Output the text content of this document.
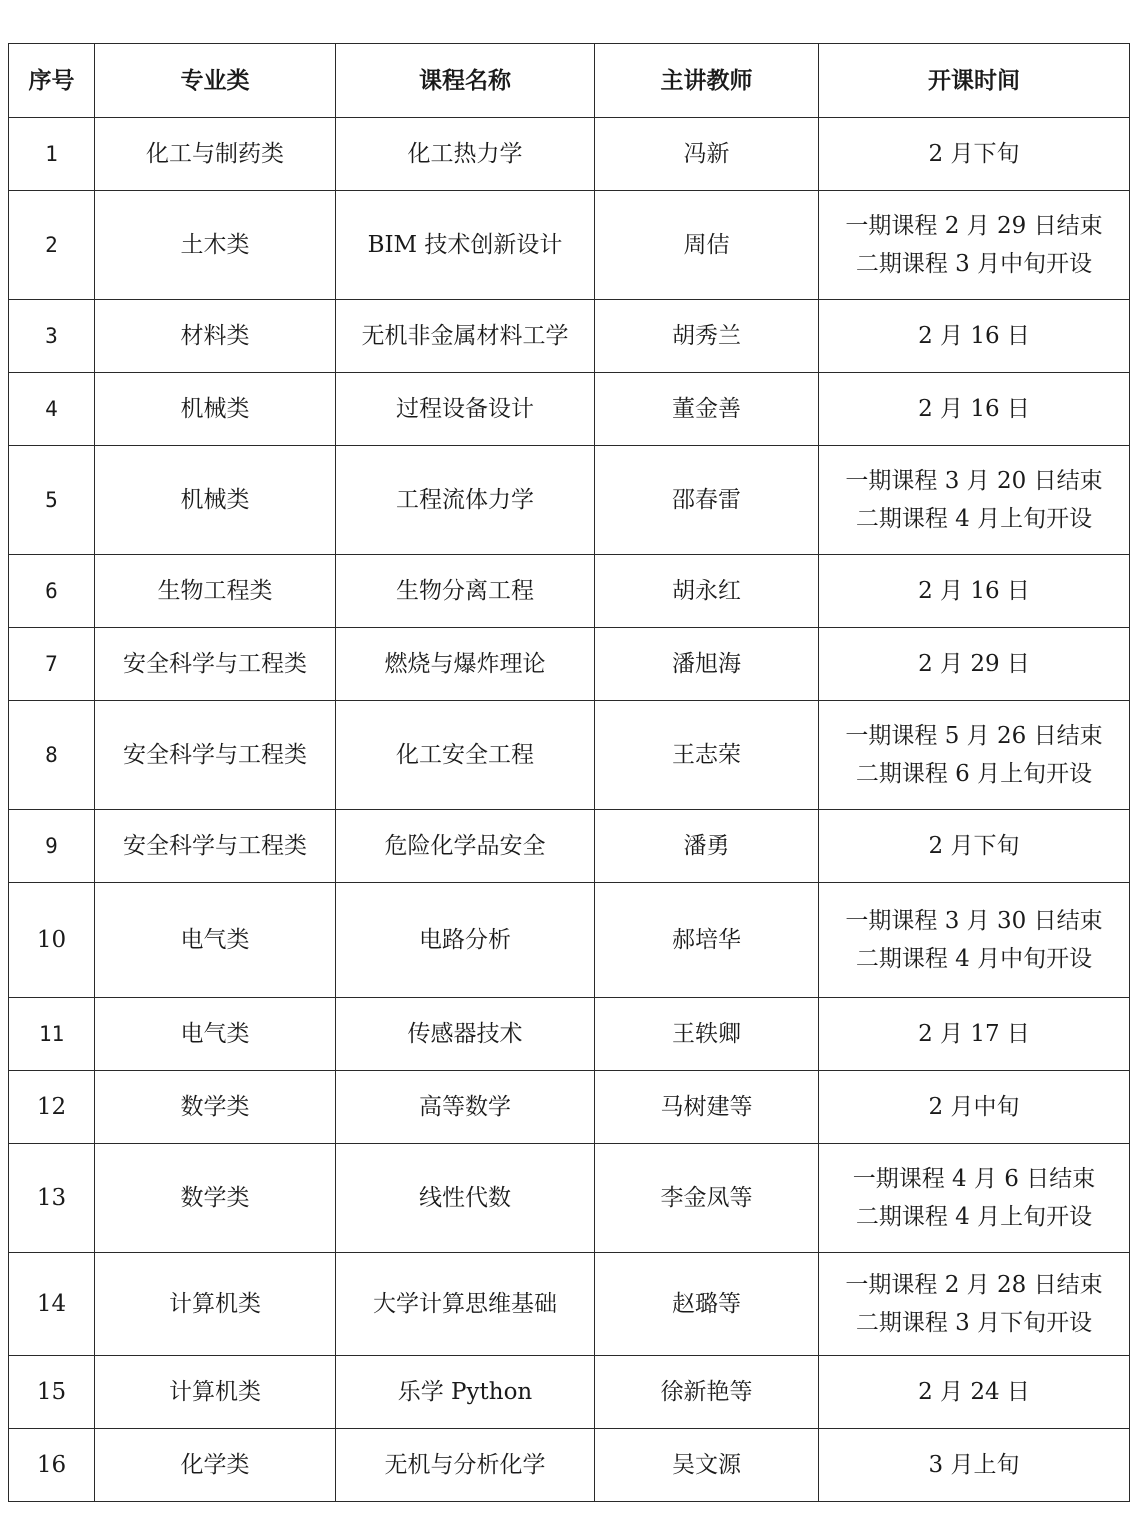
序号	专业类	课程名称	主讲教师	开课时间
1	化工与制药类	化工热力学	冯新	2 月下旬

2	土木类	BIM 技术创新设计	周佶	一期课程 2 月 29 日结束
二期课程 3 月中旬开设

3	材料类	无机非金属材料工学	胡秀兰	2 月 16 日

4	机械类	过程设备设计	董金善	2 月 16 日

5	机械类	工程流体力学	邵春雷	一期课程 3 月 20 日结束
二期课程 4 月上旬开设

6	生物工程类	生物分离工程	胡永红	2 月 16 日

7	安全科学与工程类	燃烧与爆炸理论	潘旭海	2 月 29 日

8	安全科学与工程类	化工安全工程	王志荣	一期课程 5 月 26 日结束
二期课程 6 月上旬开设

9	安全科学与工程类	危险化学品安全	潘勇	2 月下旬

10	电气类	电路分析	郝培华	一期课程 3 月 30 日结束
二期课程 4 月中旬开设

11	电气类	传感器技术	王轶卿	2 月 17 日

12	数学类	高等数学	马树建等	2 月中旬

13	数学类	线性代数	李金凤等	一期课程 4 月 6 日结束
二期课程 4 月上旬开设

14	计算机类	大学计算思维基础	赵璐等	一期课程 2 月 28 日结束
二期课程 3 月下旬开设

15	计算机类	乐学 Python	徐新艳等	2 月 24 日

16	化学类	无机与分析化学	吴文源	3 月上旬
